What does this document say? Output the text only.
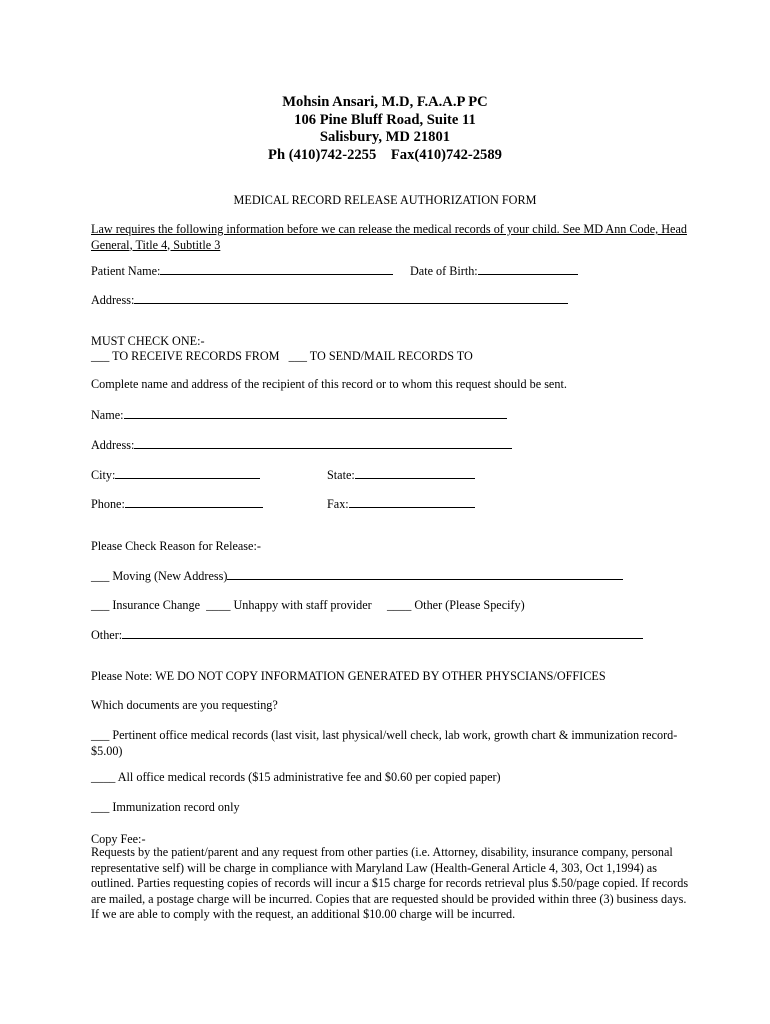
Mohsin Ansari, M.D, F.A.A.P PC
106 Pine Bluff Road, Suite 11
Salisbury, MD 21801
Ph (410)742-2255 Fax(410)742-2589
MEDICAL RECORD RELEASE AUTHORIZATION FORM
Law requires the following information before we can release the medical records of your child. See MD Ann Code, Head General, Title 4, Subtitle 3
Patient Name:	Date of Birth:
Address:
MUST CHECK ONE:-
___ TO RECEIVE RECORDS FROM ___ TO SEND/MAIL RECORDS TO
Complete name and address of the recipient of this record or to whom this request should be sent.
Name:
Address:
City:	State:
Phone:	Fax:
Please Check Reason for Release:-
___ Moving (New Address)
___ Insurance Change ____ Unhappy with staff provider ____ Other (Please Specify)
Other:
Please Note: WE DO NOT COPY INFORMATION GENERATED BY OTHER PHYSCIANS/OFFICES
Which documents are you requesting?
___ Pertinent office medical records (last visit, last physical/well check, lab work, growth chart & immunization record- $5.00)
____ All office medical records ($15 administrative fee and $0.60 per copied paper)
___ Immunization record only
Copy Fee:-
Requests by the patient/parent and any request from other parties (i.e. Attorney, disability, insurance company, personal representative self) will be charge in compliance with Maryland Law (Health-General Article 4, 303, Oct 1,1994) as outlined. Parties requesting copies of records will incur a $15 charge for records retrieval plus $.50/page copied. If records are mailed, a postage charge will be incurred. Copies that are requested should be provided within three (3) business days. If we are able to comply with the request, an additional $10.00 charge will be incurred.
